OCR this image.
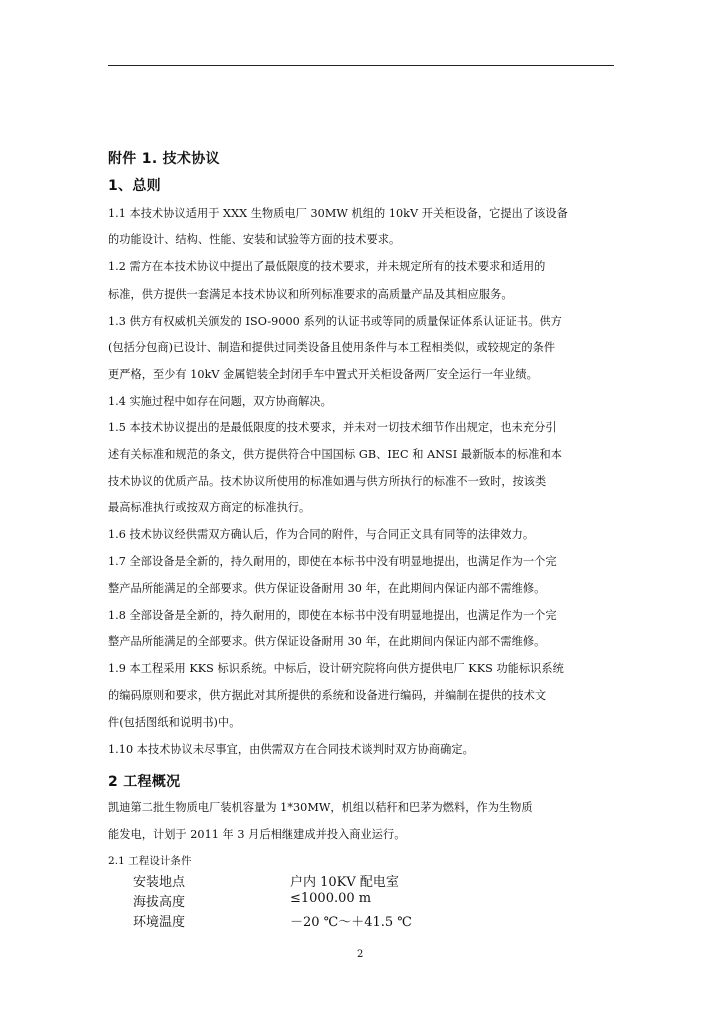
附件 1. 技术协议
1、总则
1.1 本技术协议适用于 XXX 生物质电厂 30MW 机组的 10kV 开关柜设备，它提出了该设备
的功能设计、结构、性能、安装和试验等方面的技术要求。
1.2 需方在本技术协议中提出了最低限度的技术要求，并未规定所有的技术要求和适用的
标准，供方提供一套满足本技术协议和所列标准要求的高质量产品及其相应服务。
1.3 供方有权威机关颁发的 ISO-9000 系列的认证书或等同的质量保证体系认证证书。供方
(包括分包商)已设计、制造和提供过同类设备且使用条件与本工程相类似，或较规定的条件
更严格，至少有 10kV 金属铠装全封闭手车中置式开关柜设备两厂安全运行一年业绩。
1.4 实施过程中如存在问题，双方协商解决。
1.5 本技术协议提出的是最低限度的技术要求，并未对一切技术细节作出规定，也未充分引
述有关标准和规范的条文，供方提供符合中国国标 GB、IEC 和 ANSI 最新版本的标准和本
技术协议的优质产品。技术协议所使用的标准如遇与供方所执行的标准不一致时，按该类
最高标准执行或按双方商定的标准执行。
1.6 技术协议经供需双方确认后，作为合同的附件，与合同正文具有同等的法律效力。
1.7 全部设备是全新的，持久耐用的，即使在本标书中没有明显地提出，也满足作为一个完
整产品所能满足的全部要求。供方保证设备耐用 30 年，在此期间内保证内部不需维修。
1.8 全部设备是全新的，持久耐用的，即使在本标书中没有明显地提出，也满足作为一个完
整产品所能满足的全部要求。供方保证设备耐用 30 年，在此期间内保证内部不需维修。
1.9 本工程采用 KKS 标识系统。中标后，设计研究院将向供方提供电厂 KKS 功能标识系统
的编码原则和要求，供方据此对其所提供的系统和设备进行编码，并编制在提供的技术文
件(包括图纸和说明书)中。
1.10 本技术协议未尽事宜，由供需双方在合同技术谈判时双方协商确定。
2 工程概况
凯迪第二批生物质电厂装机容量为 1*30MW，机组以秸秆和巴茅为燃料，作为生物质
能发电，计划于 2011 年 3 月后相继建成并投入商业运行。
2.1 工程设计条件
安装地点	户内 10KV 配电室
海拔高度	≤1000.00 m
环境温度	－20 ℃～＋41.5 ℃
2
